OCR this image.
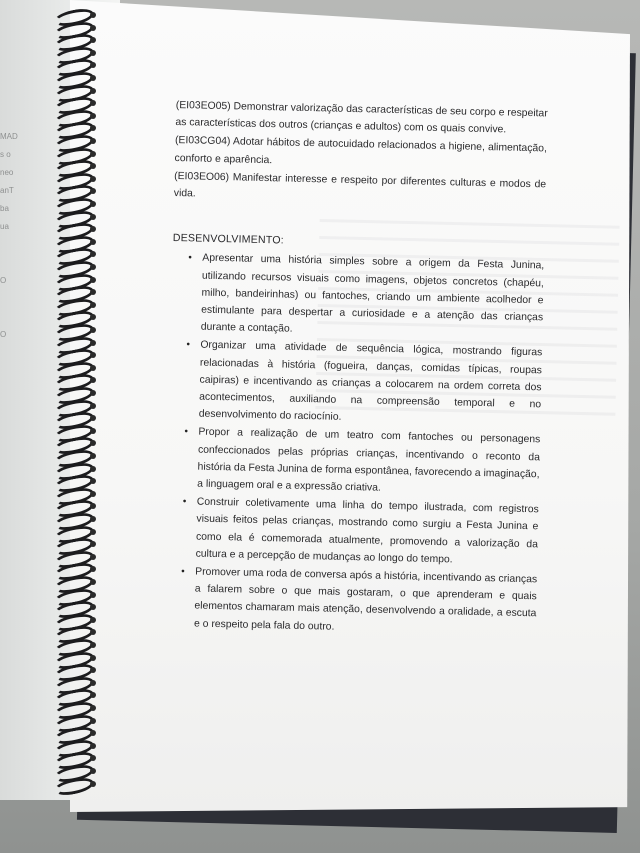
MAD
s o
neo
anT
ba
ua
O
O

(EI03EO05) Demonstrar valorização das características de seu corpo e respeitar as características dos outros (crianças e adultos) com os quais convive.

(EI03CG04) Adotar hábitos de autocuidado relacionados a higiene, alimentação, conforto e aparência.

(EI03EO06) Manifestar interesse e respeito por diferentes culturas e modos de vida.

DESENVOLVIMENTO:
• Apresentar uma história simples sobre a origem da Festa Junina, utilizando recursos visuais como imagens, objetos concretos (chapéu, milho, bandeirinhas) ou fantoches, criando um ambiente acolhedor e estimulante para despertar a curiosidade e a atenção das crianças durante a contação.
• Organizar uma atividade de sequência lógica, mostrando figuras relacionadas à história (fogueira, danças, comidas típicas, roupas caipiras) e incentivando as crianças a colocarem na ordem correta dos acontecimentos, auxiliando na compreensão temporal e no desenvolvimento do raciocínio.
• Propor a realização de um teatro com fantoches ou personagens confeccionados pelas próprias crianças, incentivando o reconto da história da Festa Junina de forma espontânea, favorecendo a imaginação, a linguagem oral e a expressão criativa.
• Construir coletivamente uma linha do tempo ilustrada, com registros visuais feitos pelas crianças, mostrando como surgiu a Festa Junina e como ela é comemorada atualmente, promovendo a valorização da cultura e a percepção de mudanças ao longo do tempo.
• Promover uma roda de conversa após a história, incentivando as crianças a falarem sobre o que mais gostaram, o que aprenderam e quais elementos chamaram mais atenção, desenvolvendo a oralidade, a escuta e o respeito pela fala do outro.
